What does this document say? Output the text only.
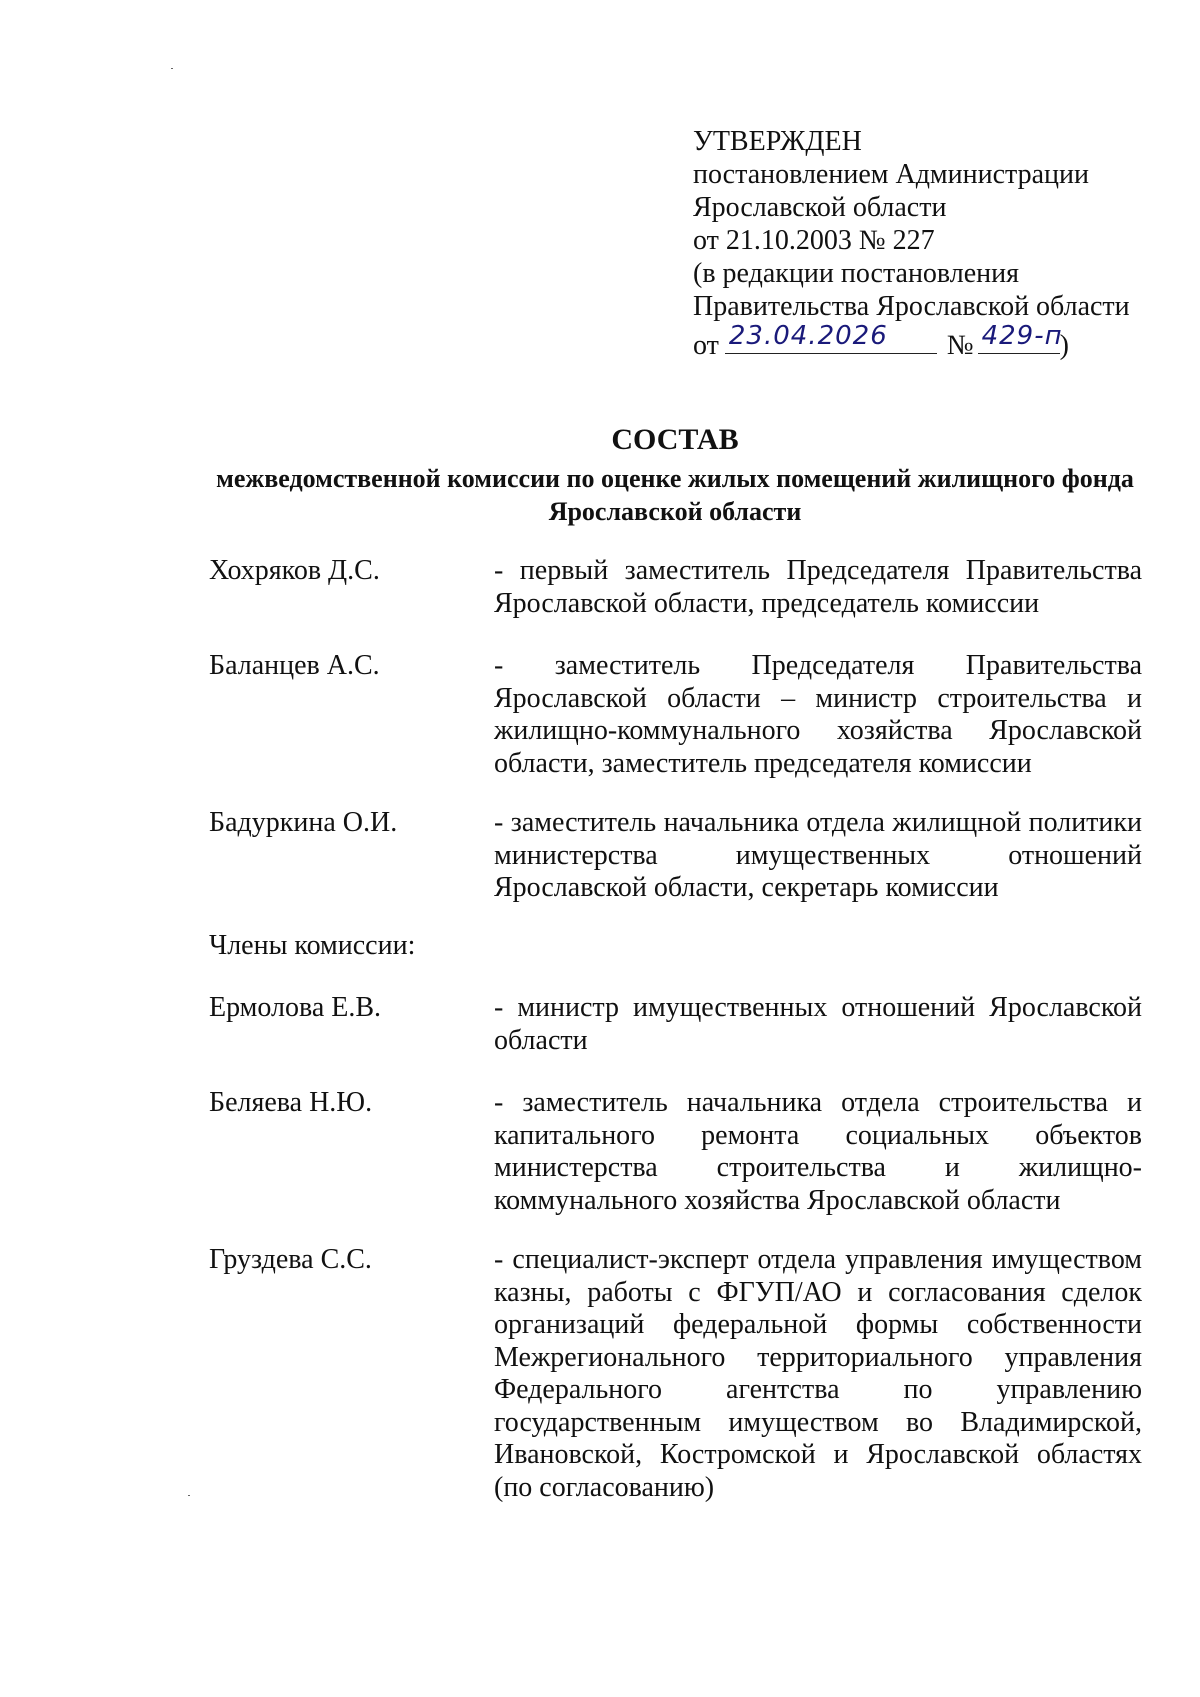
УТВЕРЖДЕН
постановлением Администрации
Ярославской области
от 21.10.2003 № 227
(в редакции постановления
Правительства Ярославской области
от 23.04.2026 № 429-п
)
СОСТАВ
межведомственной комиссии по оценке жилых помещений жилищного фонда Ярославской области
Хохряков Д.С.	- первый заместитель Председателя Правительства Ярославской области, председатель комиссии
Баланцев А.С.	- заместитель Председателя Правительства Ярославской области – министр строительства и жилищно-коммунального хозяйства Ярославской области, заместитель председателя комиссии
Бадуркина О.И.	- заместитель начальника отдела жилищной политики министерства имущественных отношений Ярославской области, секретарь комиссии
Члены комиссии:
Ермолова Е.В.	- министр имущественных отношений Ярославской области
Беляева Н.Ю.	- заместитель начальника отдела строительства и капитального ремонта социальных объектов министерства строительства и жилищно-коммунального хозяйства Ярославской области
Груздева С.С.	- специалист-эксперт отдела управления имуществом казны, работы с ФГУП/АО и согласования сделок организаций федеральной формы собственности Межрегионального территориального управления Федерального агентства по управлению государственным имуществом во Владимирской, Ивановской, Костромской и Ярославской областях (по согласованию)
